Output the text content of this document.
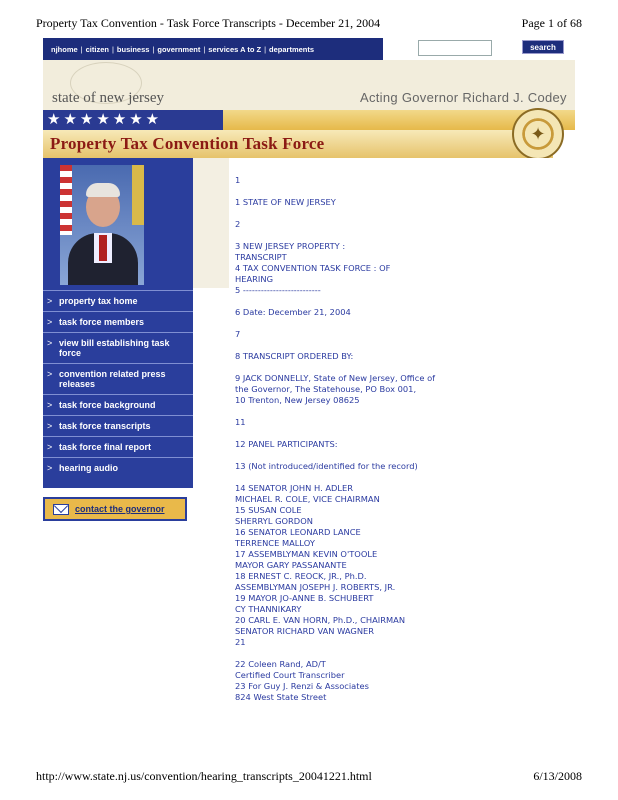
Property Tax Convention - Task Force Transcripts - December 21, 2004	Page 1 of 68
njhome | citizen | business | government | services A to Z | departments	search
state of new jersey	Acting Governor Richard J. Codey
★★★★★★★
Property Tax Convention Task Force	✦
> property tax home
> task force members
> view bill establishing task force
> convention related press releases
> task force background
> task force transcripts
> task force final report
> hearing audio
contact the governor

1

1 STATE OF NEW JERSEY

2

3 NEW JERSEY PROPERTY :
TRANSCRIPT
4 TAX CONVENTION TASK FORCE : OF
HEARING
5 --------------------------

6 Date: December 21, 2004

7

8 TRANSCRIPT ORDERED BY:

9 JACK DONNELLY, State of New Jersey, Office of
the Governor, The Statehouse, PO Box 001,
10 Trenton, New Jersey 08625

11

12 PANEL PARTICIPANTS:

13 (Not introduced/identified for the record)

14 SENATOR JOHN H. ADLER
MICHAEL R. COLE, VICE CHAIRMAN
15 SUSAN COLE
SHERRYL GORDON
16 SENATOR LEONARD LANCE
TERRENCE MALLOY
17 ASSEMBLYMAN KEVIN O'TOOLE
MAYOR GARY PASSANANTE
18 ERNEST C. REOCK, JR., Ph.D.
ASSEMBLYMAN JOSEPH J. ROBERTS, JR.
19 MAYOR JO-ANNE B. SCHUBERT
CY THANNIKARY
20 CARL E. VAN HORN, Ph.D., CHAIRMAN
SENATOR RICHARD VAN WAGNER
21

22 Coleen Rand, AD/T
Certified Court Transcriber
23 For Guy J. Renzi & Associates
824 West State Street

http://www.state.nj.us/convention/hearing_transcripts_20041221.html	6/13/2008
